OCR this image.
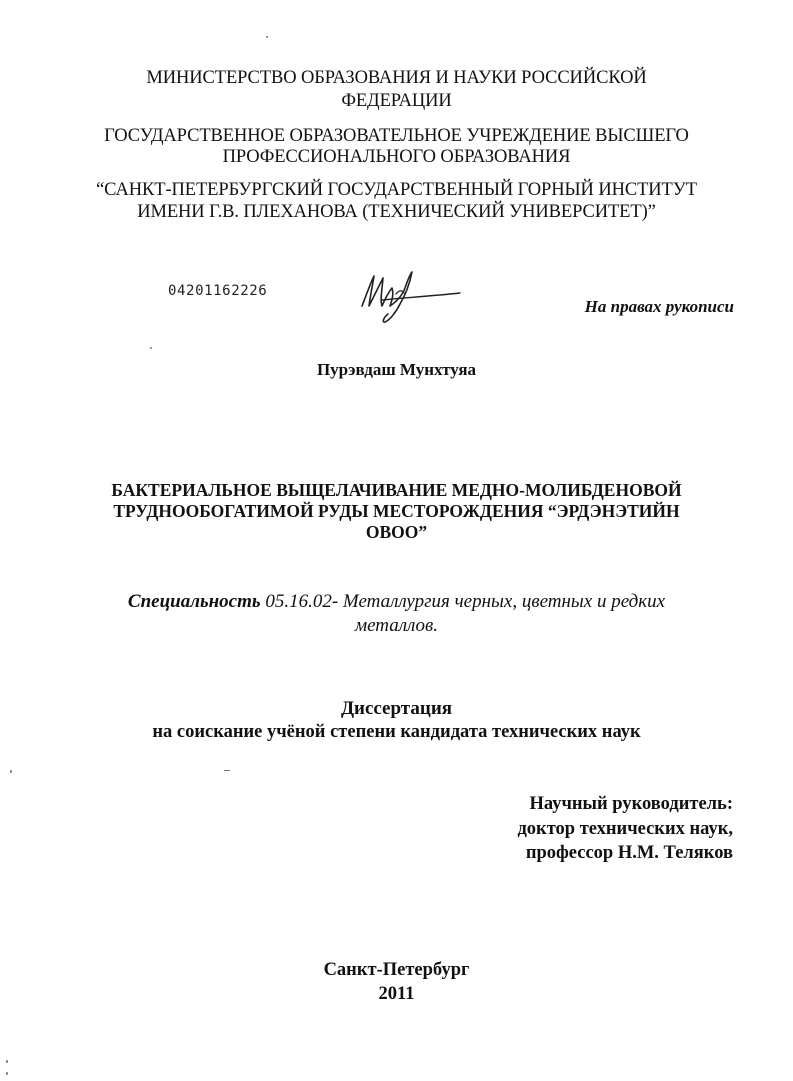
МИНИСТЕРСТВО ОБРАЗОВАНИЯ И НАУКИ РОССИЙСКОЙ
ФЕДЕРАЦИИ
ГОСУДАРСТВЕННОЕ ОБРАЗОВАТЕЛЬНОЕ УЧРЕЖДЕНИЕ ВЫСШЕГО
ПРОФЕССИОНАЛЬНОГО ОБРАЗОВАНИЯ
“САНКТ-ПЕТЕРБУРГСКИЙ ГОСУДАРСТВЕННЫЙ ГОРНЫЙ ИНСТИТУТ
ИМЕНИ Г.В. ПЛЕХАНОВА (ТЕХНИЧЕСКИЙ УНИВЕРСИТЕТ)”
04201162226
На правах рукописи
Пурэвдаш Мунхтуяа
БАКТЕРИАЛЬНОЕ ВЫЩЕЛАЧИВАНИЕ МЕДНО-МОЛИБДЕНОВОЙ
ТРУДНООБОГАТИМОЙ РУДЫ МЕСТОРОЖДЕНИЯ “ЭРДЭНЭТИЙН
ОВОО”
Специальность 05.16.02- Металлургия черных, цветных и редких
металлов.
Диссертация
на соискание учёной степени кандидата технических наук
Научный руководитель:
доктор технических наук,
профессор Н.М. Теляков
Санкт-Петербург
2011
